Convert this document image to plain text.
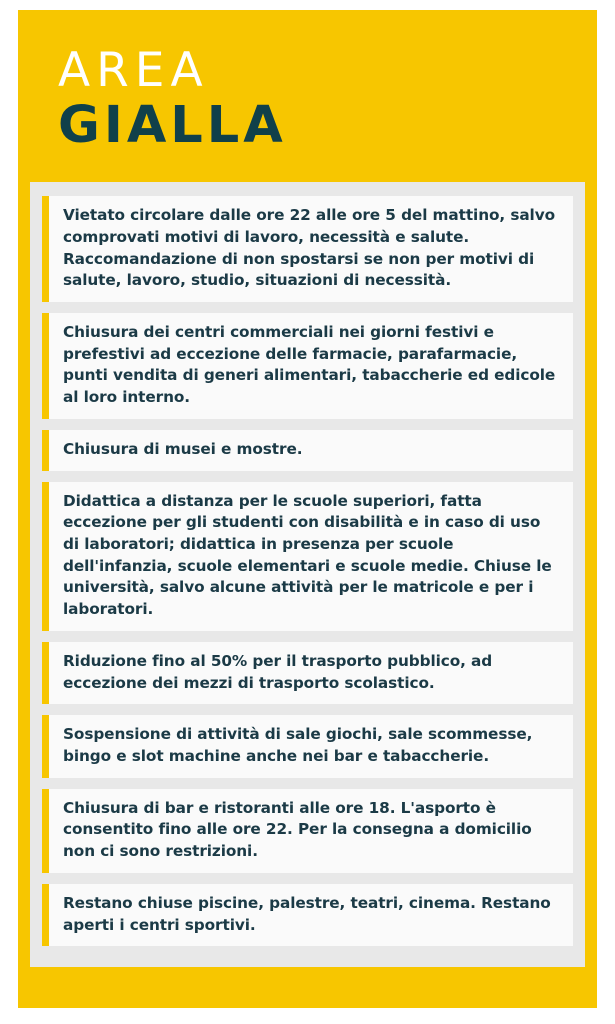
AREA
GIALLA
Vietato circolare dalle ore 22 alle ore 5 del mattino, salvo comprovati motivi di lavoro, necessità e salute. Raccomandazione di non spostarsi se non per motivi di salute, lavoro, studio, situazioni di necessità.
Chiusura dei centri commerciali nei giorni festivi e prefestivi ad eccezione delle farmacie, parafarmacie, punti vendita di generi alimentari, tabaccherie ed edicole al loro interno.
Chiusura di musei e mostre.
Didattica a distanza per le scuole superiori, fatta eccezione per gli studenti con disabilità e in caso di uso di laboratori; didattica in presenza per scuole dell'infanzia, scuole elementari e scuole medie. Chiuse le università, salvo alcune attività per le matricole e per i laboratori.
Riduzione fino al 50% per il trasporto pubblico, ad eccezione dei mezzi di trasporto scolastico.
Sospensione di attività di sale giochi, sale scommesse, bingo e slot machine anche nei bar e tabaccherie.
Chiusura di bar e ristoranti alle ore 18. L'asporto è consentito fino alle ore 22. Per la consegna a domicilio non ci sono restrizioni.
Restano chiuse piscine, palestre, teatri, cinema. Restano aperti i centri sportivi.
